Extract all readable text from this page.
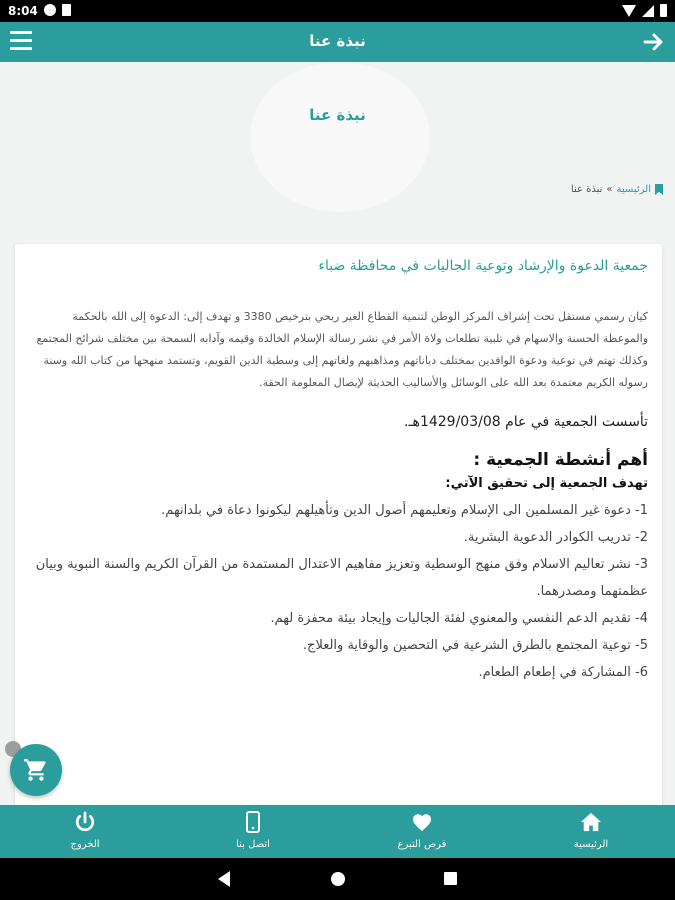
8:04
نبذة عنا
نبذة عنا
الرئيسية
»
نبذة عنا
جمعية الدعوة والإرشاد وتوعية الجاليات في محافظة ضباء

كيان رسمي مستقل تحت إشراف المركز الوطن لتنمية القطاع الغير ربحي بترخيص 3380 و تهدف إلى: الدعوة إلى الله بالحكمة والموعظة الحسنة والاسهام في تلبية تطلعات ولاة الأمر في نشر رسالة الإسلام الخالدة وقيمه وآدابه السمحة بين مختلف شرائح المجتمع وكذلك تهتم في توعية ودعوة الوافدين بمختلف دياناتهم ومذاهبهم ولغاتهم إلى وسطية الدين القويم، وتستمد منهجها من كتاب الله وسنة رسوله الكريم معتمدة بعد الله على الوسائل والأساليب الحديثة لإيصال المعلومة الحقة.

تأسست الجمعية في عام 1429/03/08هـ.

أهم أنشطة الجمعية :

تهدف الجمعية إلى تحقيق الآتي:

1- دعوة غير المسلمين الى الإسلام وتعليمهم أصول الدين وتأهيلهم ليكونوا دعاة في بلدانهم.
2- تدريب الكوادر الدعوية البشرية.
3- نشر تعاليم الاسلام وفق منهج الوسطية وتعزيز مفاهيم الاعتدال المستمدة من القرآن الكريم والسنة النبوية وبيان عظمتهما ومصدرهما.
4- تقديم الدعم النفسي والمعنوي لفئة الجاليات وإيجاد بيئة محفزة لهم.
5- توعية المجتمع بالطرق الشرعية في التحصين والوقاية والعلاج.
6- المشاركة في إطعام الطعام.
الرئيسية
فرص التبرع
اتصل بنا
الخروج
